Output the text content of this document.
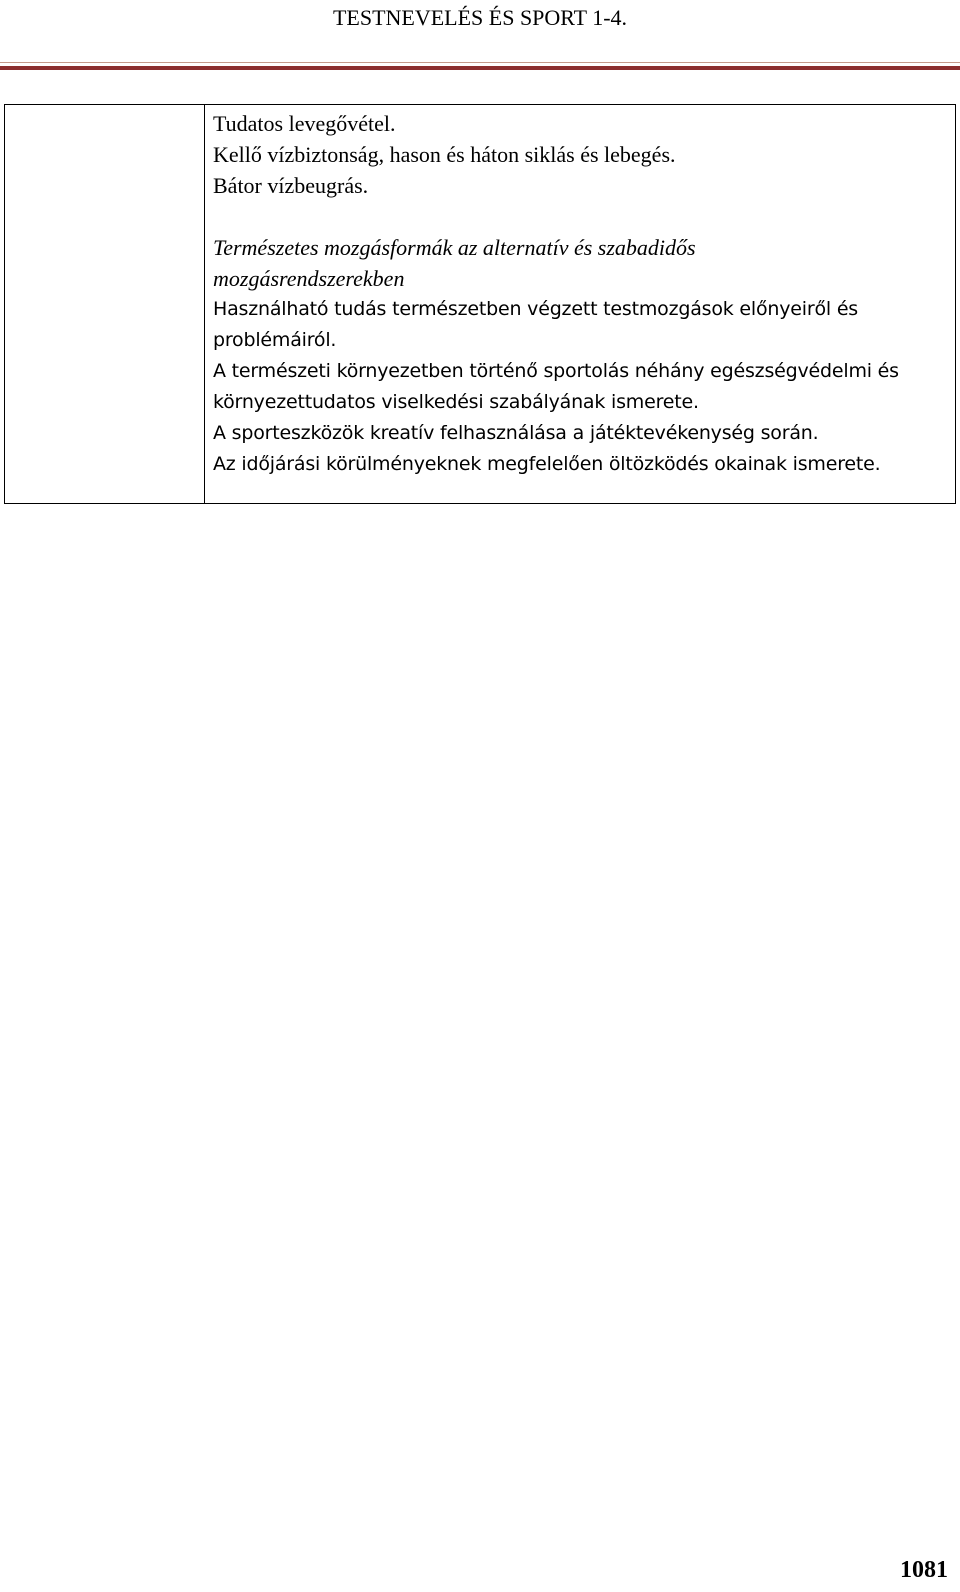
TESTNEVELÉS ÉS SPORT 1-4.

Tudatos levegővétel.

Kellő vízbiztonság, hason és háton siklás és lebegés.

Bátor vízbeugrás.

Természetes mozgásformák az alternatív és szabadidős

mozgásrendszerekben

Használható tudás természetben végzett testmozgások előnyeiről és

problémáiról.

A természeti környezetben történő sportolás néhány egészségvédelmi és

környezettudatos viselkedési szabályának ismerete.

A sporteszközök kreatív felhasználása a játéktevékenység során.

Az időjárási körülményeknek megfelelően öltözködés okainak ismerete.

1081
